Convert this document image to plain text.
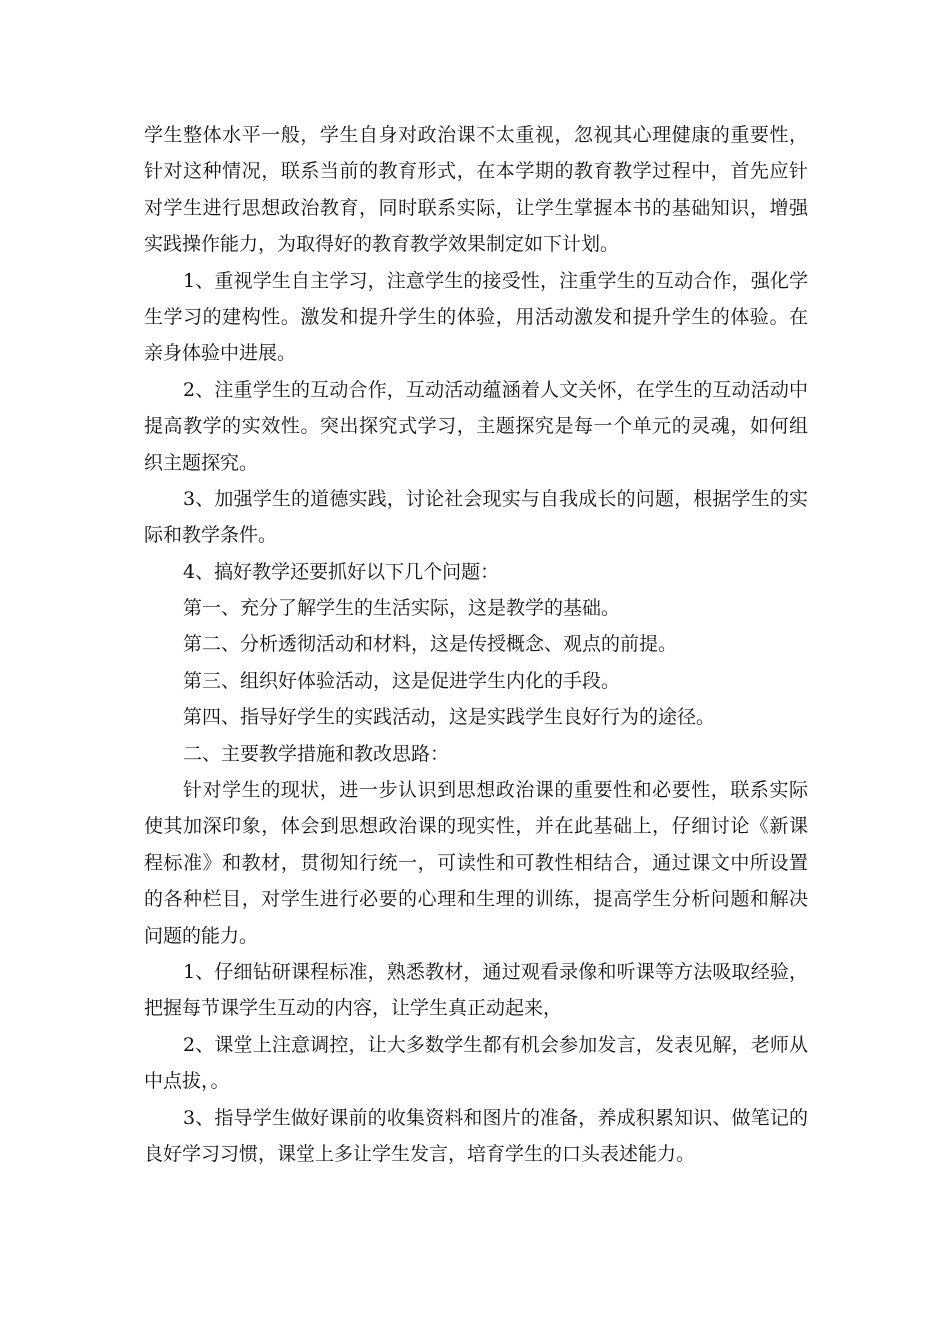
学生整体水平一般，学生自身对政治课不太重视，忽视其心理健康的重要性，
针对这种情况，联系当前的教育形式，在本学期的教育教学过程中，首先应针
对学生进行思想政治教育，同时联系实际，让学生掌握本书的基础知识，增强
实践操作能力，为取得好的教育教学效果制定如下计划。
1、重视学生自主学习，注意学生的接受性，注重学生的互动合作，强化学
生学习的建构性。激发和提升学生的体验，用活动激发和提升学生的体验。在
亲身体验中进展。
2、注重学生的互动合作，互动活动蕴涵着人文关怀，在学生的互动活动中
提高教学的实效性。突出探究式学习，主题探究是每一个单元的灵魂，如何组
织主题探究。
3、加强学生的道德实践，讨论社会现实与自我成长的问题，根据学生的实
际和教学条件。
4、搞好教学还要抓好以下几个问题：
第一、充分了解学生的生活实际，这是教学的基础。
第二、分析透彻活动和材料，这是传授概念、观点的前提。
第三、组织好体验活动，这是促进学生内化的手段。
第四、指导好学生的实践活动，这是实践学生良好行为的途径。
二、主要教学措施和教改思路：
针对学生的现状，进一步认识到思想政治课的重要性和必要性，联系实际
使其加深印象，体会到思想政治课的现实性，并在此基础上，仔细讨论《新课
程标准》和教材，贯彻知行统一，可读性和可教性相结合，通过课文中所设置
的各种栏目，对学生进行必要的心理和生理的训练，提高学生分析问题和解决
问题的能力。
1、仔细钻研课程标准，熟悉教材，通过观看录像和听课等方法吸取经验，
把握每节课学生互动的内容，让学生真正动起来，
2、课堂上注意调控，让大多数学生都有机会参加发言，发表见解，老师从
中点拔，。
3、指导学生做好课前的收集资料和图片的准备，养成积累知识、做笔记的
良好学习习惯，课堂上多让学生发言，培育学生的口头表述能力。
